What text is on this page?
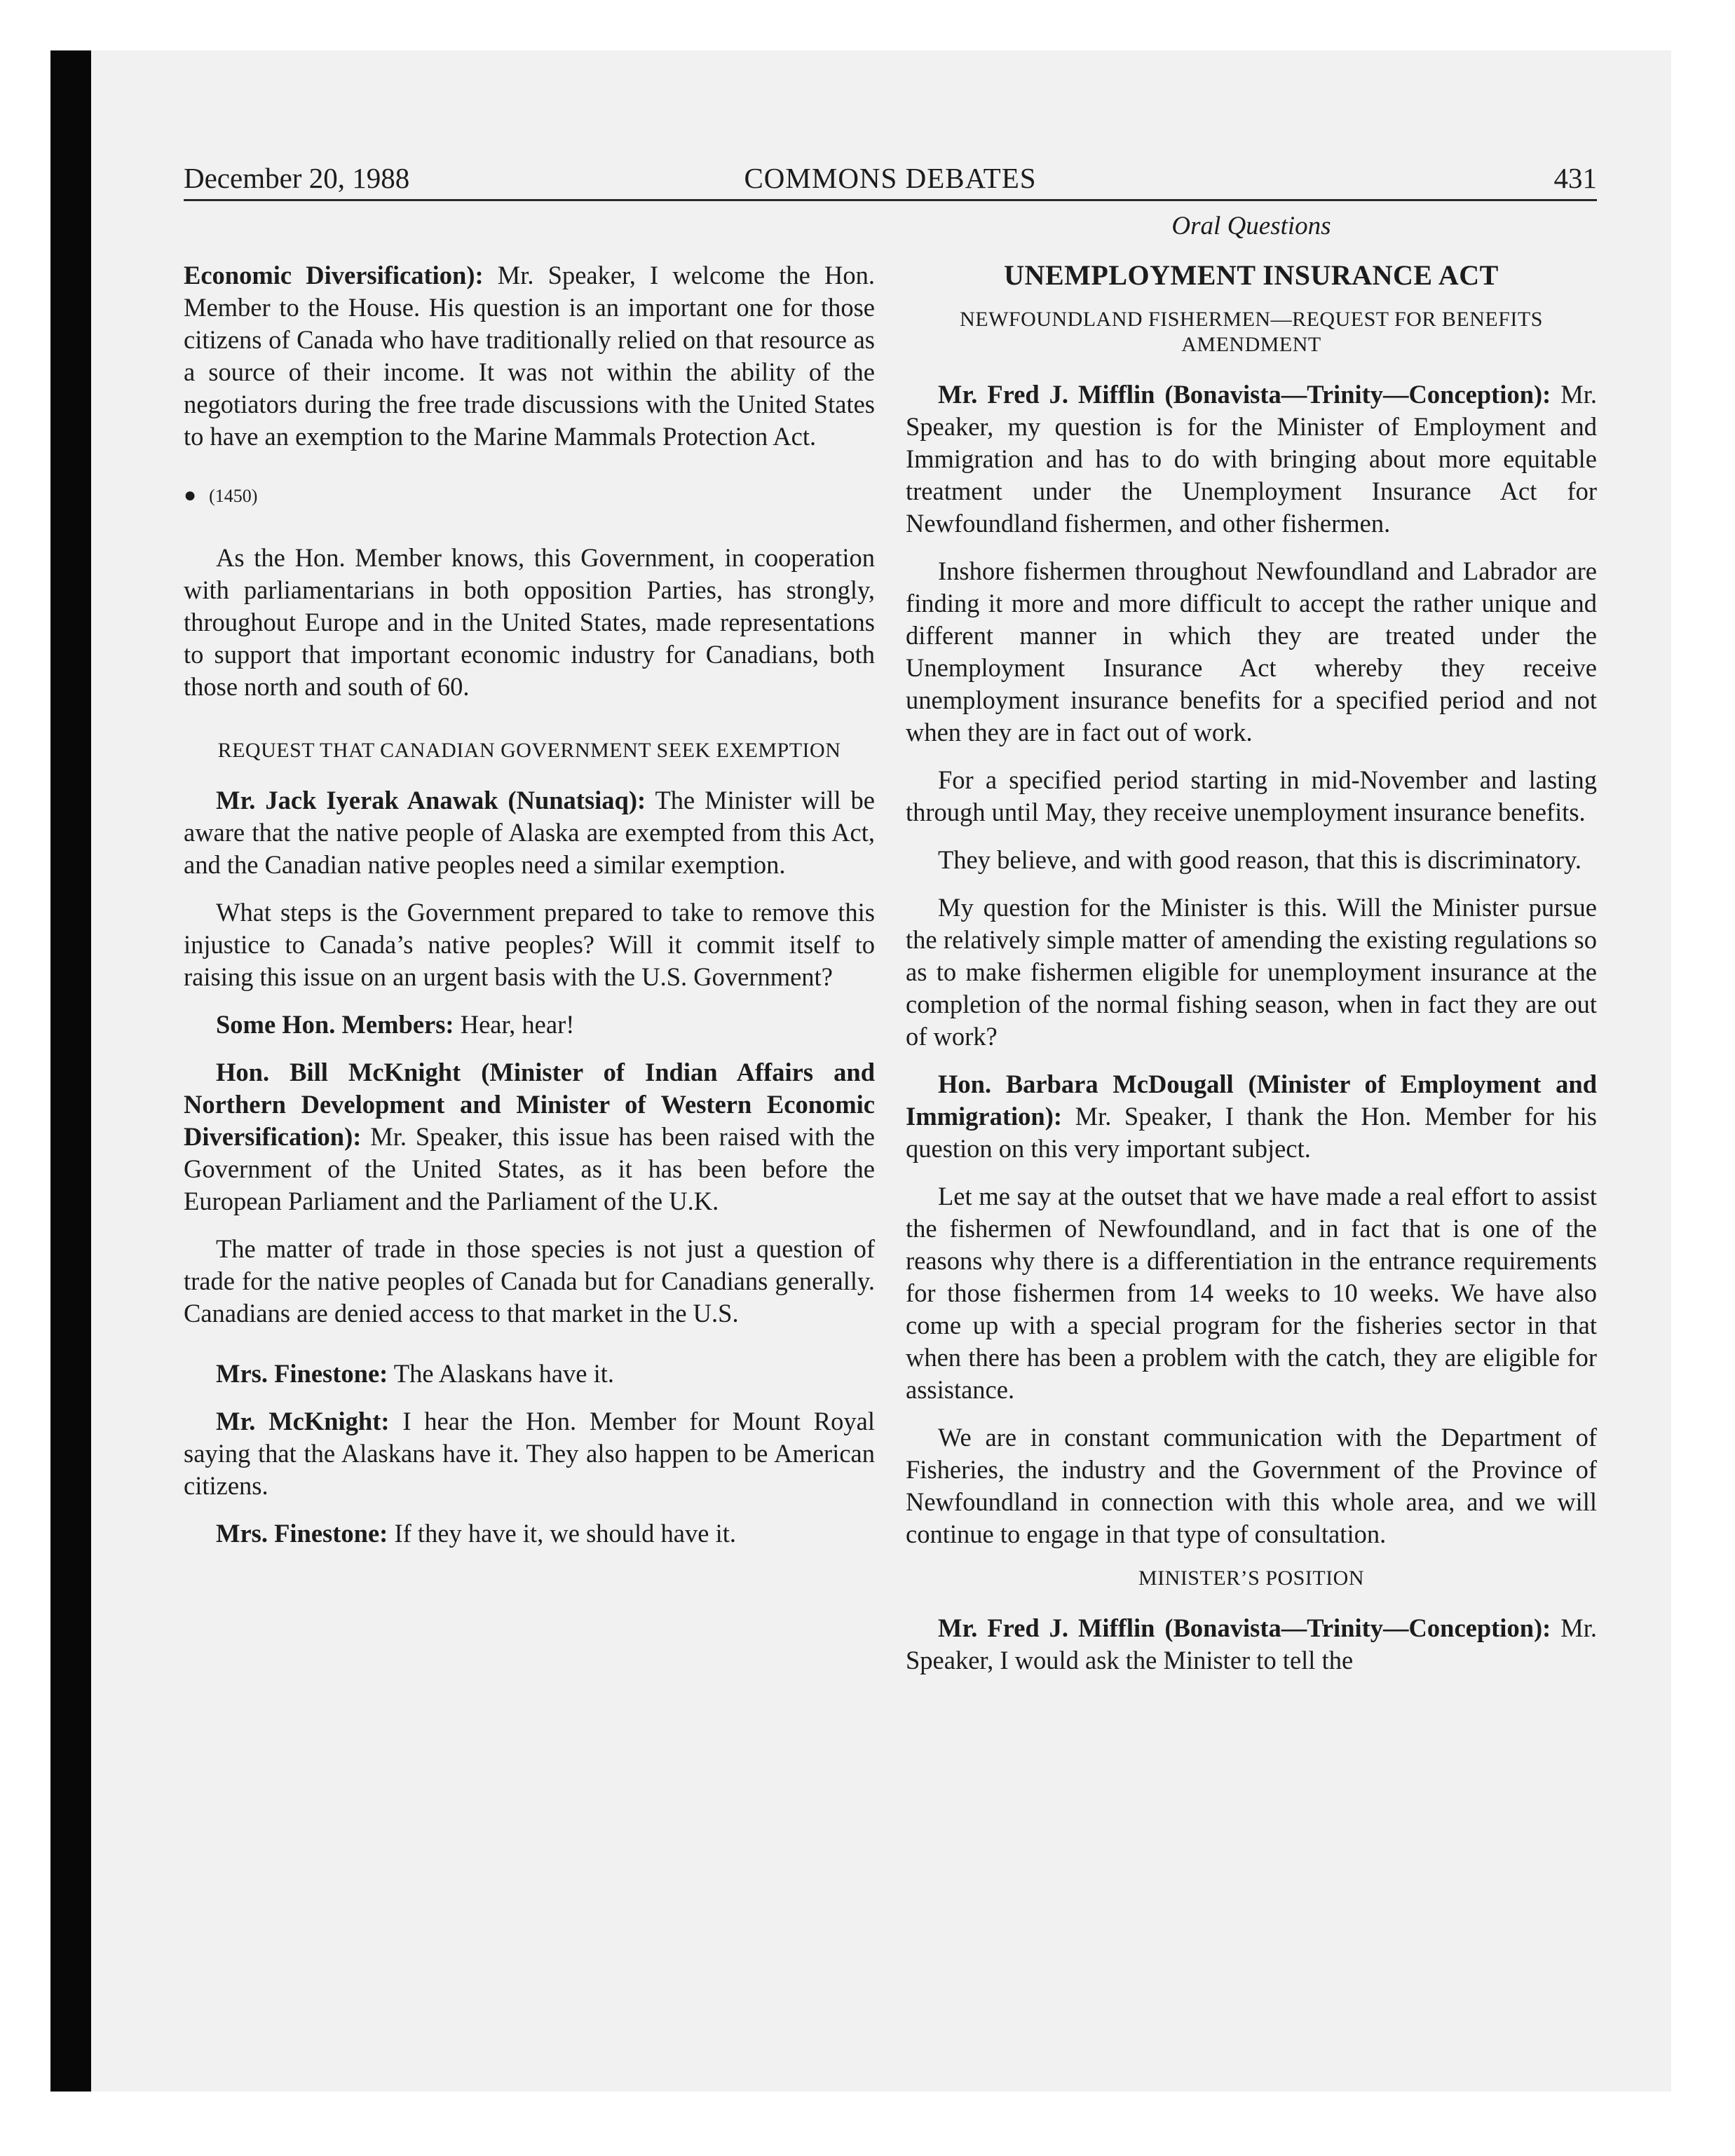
December 20, 1988	COMMONS DEBATES	431

Economic Diversification): Mr. Speaker, I welcome the Hon. Member to the House. His question is an important one for those citizens of Canada who have traditionally relied on that resource as a source of their income. It was not within the ability of the negotiators during the free trade discussions with the United States to have an exemption to the Marine Mammals Protection Act.

● (1450)

As the Hon. Member knows, this Government, in cooperation with parliamentarians in both opposition Parties, has strongly, throughout Europe and in the United States, made representations to support that important economic industry for Canadians, both those north and south of 60.

REQUEST THAT CANADIAN GOVERNMENT SEEK EXEMPTION

Mr. Jack Iyerak Anawak (Nunatsiaq): The Minister will be aware that the native people of Alaska are exempted from this Act, and the Canadian native peoples need a similar exemption.

What steps is the Government prepared to take to remove this injustice to Canada’s native peoples? Will it commit itself to raising this issue on an urgent basis with the U.S. Government?

Some Hon. Members: Hear, hear!

Hon. Bill McKnight (Minister of Indian Affairs and Northern Development and Minister of Western Economic Diversification): Mr. Speaker, this issue has been raised with the Government of the United States, as it has been before the European Parliament and the Parliament of the U.K.

The matter of trade in those species is not just a question of trade for the native peoples of Canada but for Canadians generally. Canadians are denied access to that market in the U.S.

Mrs. Finestone: The Alaskans have it.

Mr. McKnight: I hear the Hon. Member for Mount Royal saying that the Alaskans have it. They also happen to be American citizens.

Mrs. Finestone: If they have it, we should have it.

Oral Questions
UNEMPLOYMENT INSURANCE ACT
NEWFOUNDLAND FISHERMEN—REQUEST FOR BENEFITS AMENDMENT

Mr. Fred J. Mifflin (Bonavista—Trinity—Conception): Mr. Speaker, my question is for the Minister of Employment and Immigration and has to do with bringing about more equitable treatment under the Unemployment Insurance Act for Newfoundland fishermen, and other fishermen.

Inshore fishermen throughout Newfoundland and Labrador are finding it more and more difficult to accept the rather unique and different manner in which they are treated under the Unemployment Insurance Act whereby they receive unemployment insurance benefits for a specified period and not when they are in fact out of work.

For a specified period starting in mid-November and lasting through until May, they receive unemployment insurance benefits.

They believe, and with good reason, that this is discriminatory.

My question for the Minister is this. Will the Minister pursue the relatively simple matter of amending the existing regulations so as to make fishermen eligible for unemployment insurance at the completion of the normal fishing season, when in fact they are out of work?

Hon. Barbara McDougall (Minister of Employment and Immigration): Mr. Speaker, I thank the Hon. Member for his question on this very important subject.

Let me say at the outset that we have made a real effort to assist the fishermen of Newfoundland, and in fact that is one of the reasons why there is a differentiation in the entrance requirements for those fishermen from 14 weeks to 10 weeks. We have also come up with a special program for the fisheries sector in that when there has been a problem with the catch, they are eligible for assistance.

We are in constant communication with the Department of Fisheries, the industry and the Government of the Province of Newfoundland in connection with this whole area, and we will continue to engage in that type of consultation.

MINISTER’S POSITION

Mr. Fred J. Mifflin (Bonavista—Trinity—Conception): Mr. Speaker, I would ask the Minister to tell the
